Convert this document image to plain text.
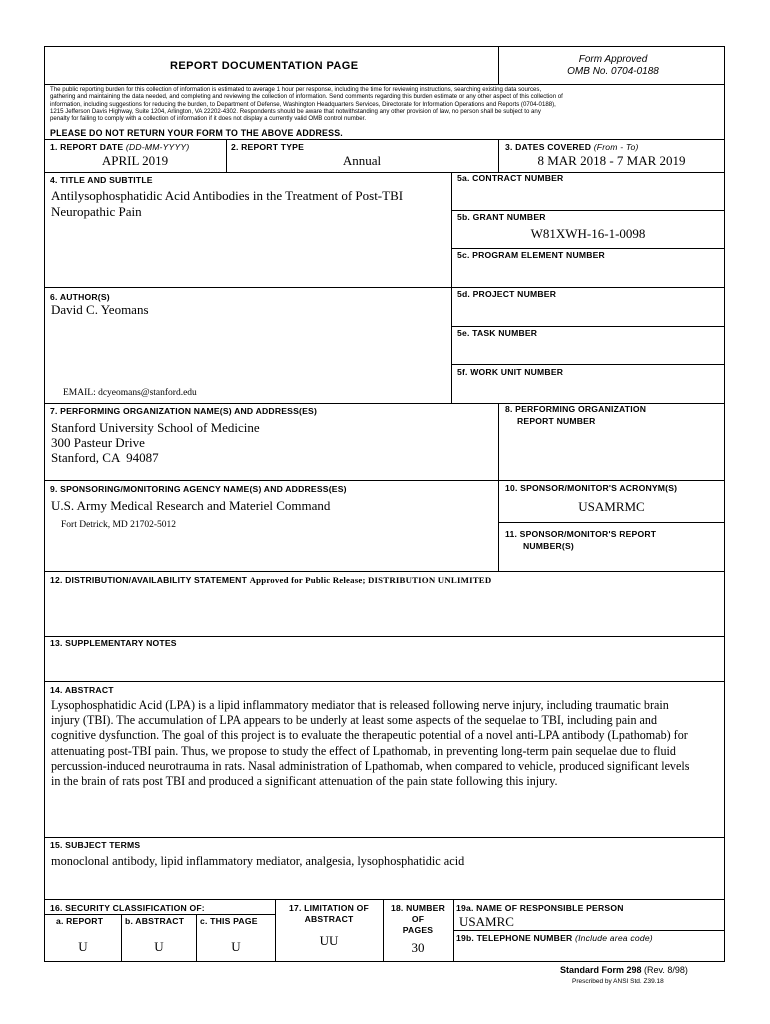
REPORT DOCUMENTATION PAGE
Form Approved
OMB No. 0704-0188
The public reporting burden for this collection of information is estimated to average 1 hour per response, including the time for reviewing instructions, searching existing data sources,
gathering and maintaining the data needed, and completing and reviewing the collection of information. Send comments regarding this burden estimate or any other aspect of this collection of
information, including suggestions for reducing the burden, to Department of Defense, Washington Headquarters Services, Directorate for Information Operations and Reports (0704-0188),
1215 Jefferson Davis Highway, Suite 1204, Arlington, VA 22202-4302. Respondents should be aware that notwithstanding any other provision of law, no person shall be subject to any
penalty for failing to comply with a collection of information if it does not display a currently valid OMB control number.
PLEASE DO NOT RETURN YOUR FORM TO THE ABOVE ADDRESS.
1. REPORT DATE (DD-MM-YYYY)
APRIL 2019
2. REPORT TYPE
Annual
3. DATES COVERED (From - To)
8 MAR 2018 - 7 MAR 2019
4. TITLE AND SUBTITLE
Antilysophosphatidic Acid Antibodies in the Treatment of Post-TBI
Neuropathic Pain
5a. CONTRACT NUMBER
5b. GRANT NUMBER
W81XWH-16-1-0098
5c. PROGRAM ELEMENT NUMBER
6. AUTHOR(S)
David C. Yeomans
EMAIL: dcyeomans@stanford.edu
5d. PROJECT NUMBER
5e. TASK NUMBER
5f. WORK UNIT NUMBER
7. PERFORMING ORGANIZATION NAME(S) AND ADDRESS(ES)
Stanford University School of Medicine
300 Pasteur Drive
Stanford, CA  94087
8. PERFORMING ORGANIZATION
REPORT NUMBER
9. SPONSORING/MONITORING AGENCY NAME(S) AND ADDRESS(ES)
U.S. Army Medical Research and Materiel Command
Fort Detrick, MD 21702-5012
10. SPONSOR/MONITOR'S ACRONYM(S)
USAMRMC
11. SPONSOR/MONITOR'S REPORT
NUMBER(S)
12. DISTRIBUTION/AVAILABILITY STATEMENT Approved for Public Release; DISTRIBUTION UNLIMITED
13. SUPPLEMENTARY NOTES
14. ABSTRACT
Lysophosphatidic Acid (LPA) is a lipid inflammatory mediator that is released following nerve injury, including traumatic brain
injury (TBI). The accumulation of LPA appears to be underly at least some aspects of the sequelae to TBI, including pain and
cognitive dysfunction. The goal of this project is to evaluate the therapeutic potential of a novel anti-LPA antibody (Lpathomab) for
attenuating post-TBI pain. Thus, we propose to study the effect of Lpathomab, in preventing long-term pain sequelae due to fluid
percussion-induced neurotrauma in rats. Nasal administration of Lpathomab, when compared to vehicle, produced significant levels
in the brain of rats post TBI and produced a significant attenuation of the pain state following this injury.
15. SUBJECT TERMS
monoclonal antibody, lipid inflammatory mediator, analgesia, lysophosphatidic acid
16. SECURITY CLASSIFICATION OF:
a. REPORT	b. ABSTRACT c. THIS PAGE
U	U	U
17. LIMITATION OF
ABSTRACT
UU
18. NUMBER
OF
PAGES
30
19a. NAME OF RESPONSIBLE PERSON
USAMRC
19b. TELEPHONE NUMBER (Include area code)
Standard Form 298 (Rev. 8/98)
Prescribed by ANSI Std. Z39.18
